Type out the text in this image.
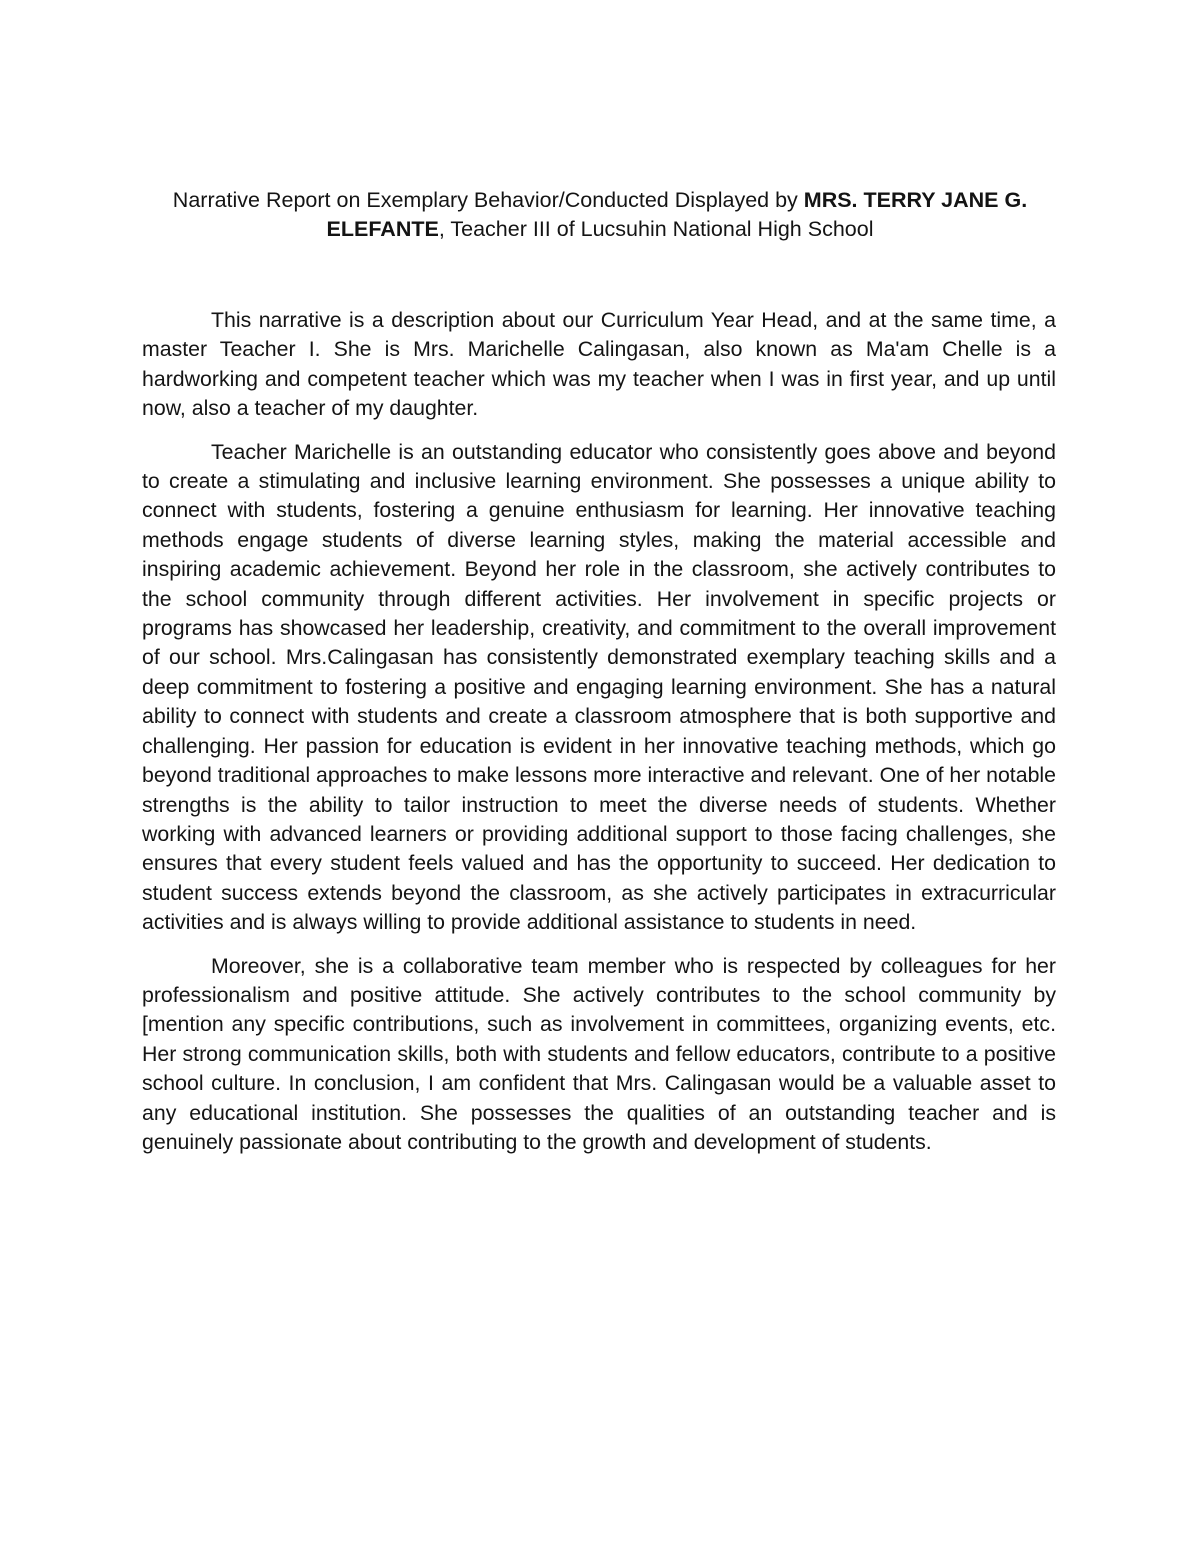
Narrative Report on Exemplary Behavior/Conducted Displayed by MRS. TERRY JANE G. ELEFANTE, Teacher III of Lucsuhin National High School

This narrative is a description about our Curriculum Year Head, and at the same time, a master Teacher I. She is Mrs. Marichelle Calingasan, also known as Ma'am Chelle is a hardworking and competent teacher which was my teacher when I was in first year, and up until now, also a teacher of my daughter.

Teacher Marichelle is an outstanding educator who consistently goes above and beyond to create a stimulating and inclusive learning environment. She possesses a unique ability to connect with students, fostering a genuine enthusiasm for learning. Her innovative teaching methods engage students of diverse learning styles, making the material accessible and inspiring academic achievement. Beyond her role in the classroom, she actively contributes to the school community through different activities. Her involvement in specific projects or programs has showcased her leadership, creativity, and commitment to the overall improvement of our school. Mrs.Calingasan has consistently demonstrated exemplary teaching skills and a deep commitment to fostering a positive and engaging learning environment. She has a natural ability to connect with students and create a classroom atmosphere that is both supportive and challenging. Her passion for education is evident in her innovative teaching methods, which go beyond traditional approaches to make lessons more interactive and relevant. One of her notable strengths is the ability to tailor instruction to meet the diverse needs of students. Whether working with advanced learners or providing additional support to those facing challenges, she ensures that every student feels valued and has the opportunity to succeed. Her dedication to student success extends beyond the classroom, as she actively participates in extracurricular activities and is always willing to provide additional assistance to students in need.

Moreover, she is a collaborative team member who is respected by colleagues for her professionalism and positive attitude. She actively contributes to the school community by [mention any specific contributions, such as involvement in committees, organizing events, etc. Her strong communication skills, both with students and fellow educators, contribute to a positive school culture. In conclusion, I am confident that Mrs. Calingasan would be a valuable asset to any educational institution. She possesses the qualities of an outstanding teacher and is genuinely passionate about contributing to the growth and development of students.
